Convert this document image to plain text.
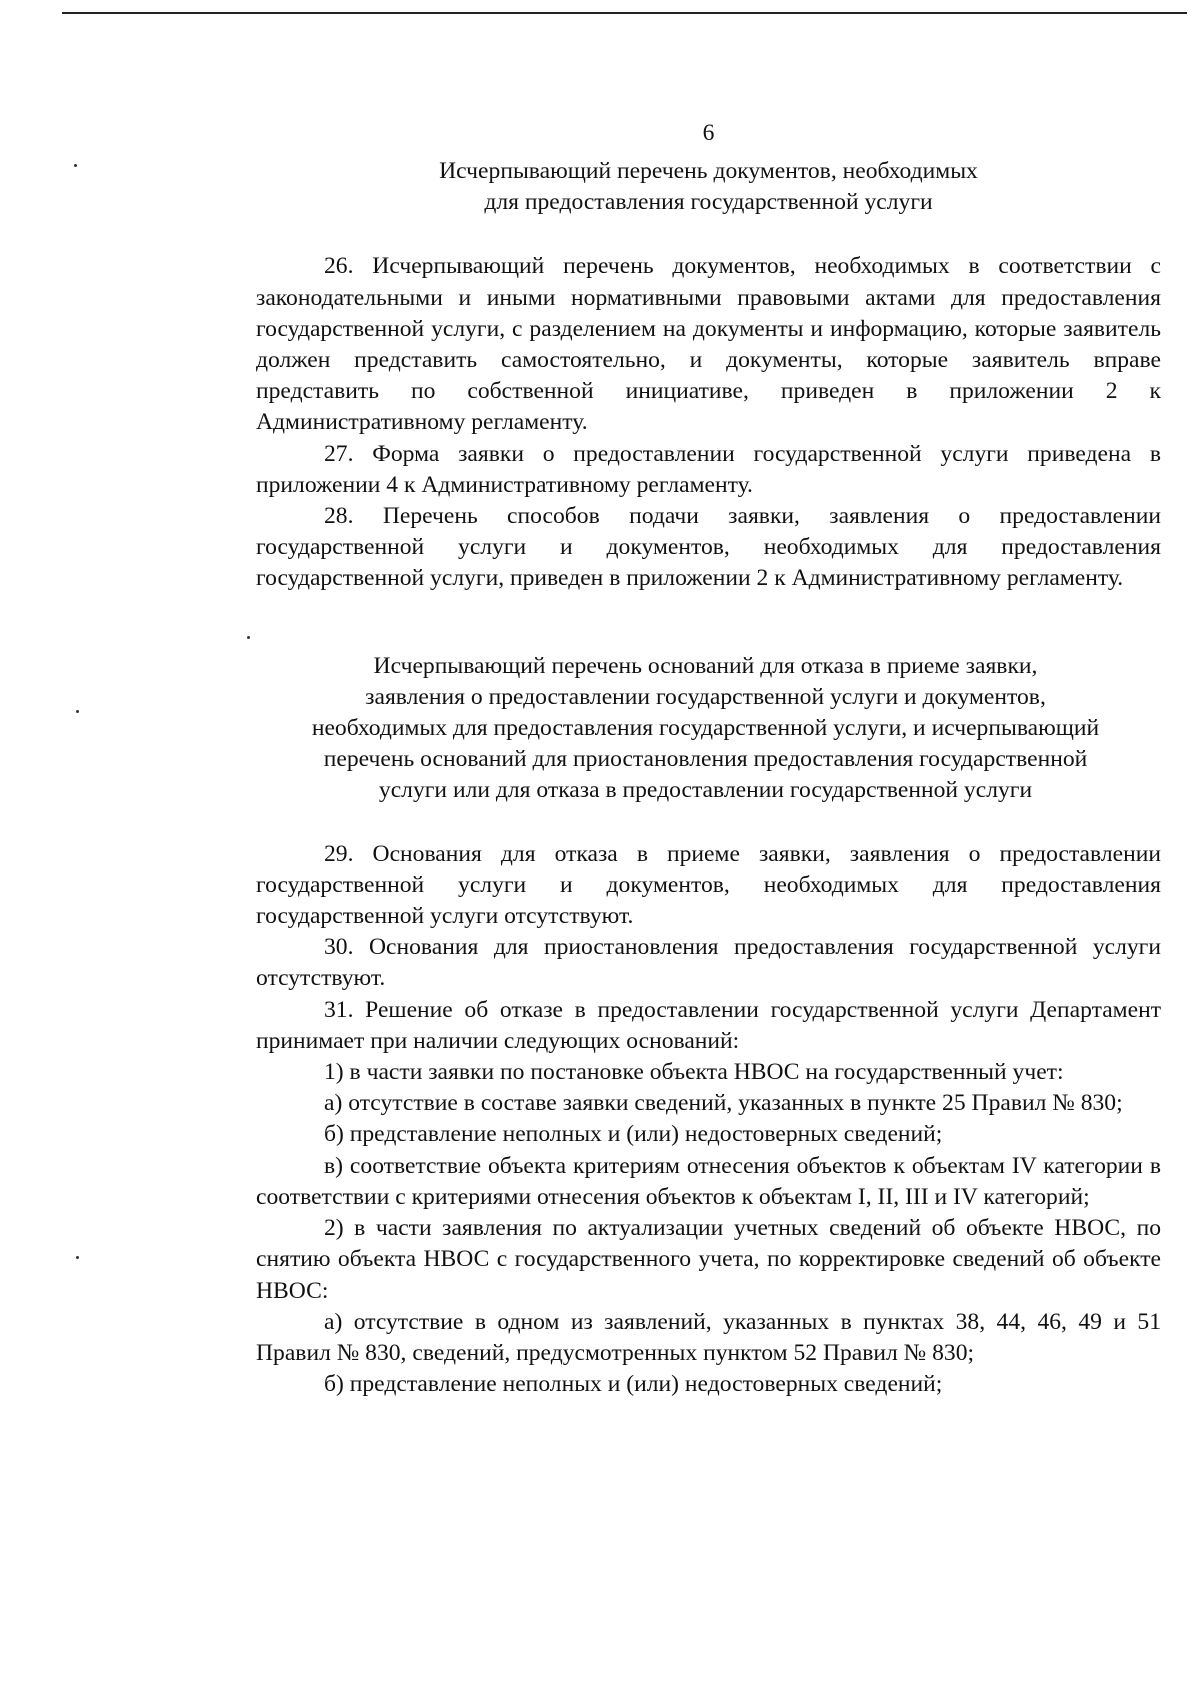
6
Исчерпывающий перечень документов, необходимых
для предоставления государственной услуги

26. Исчерпывающий перечень документов, необходимых в соответствии с законодательными и иными нормативными правовыми актами для предоставления государственной услуги, с разделением на документы и информацию, которые заявитель должен представить самостоятельно, и документы, которые заявитель вправе представить по собственной инициативе, приведен в приложении 2 к Административному регламенту.

27. Форма заявки о предоставлении государственной услуги приведена в приложении 4 к Административному регламенту.

28. Перечень способов подачи заявки, заявления о предоставлении государственной услуги и документов, необходимых для предоставления государственной услуги, приведен в приложении 2 к Административному регламенту.

Исчерпывающий перечень оснований для отказа в приеме заявки,
заявления о предоставлении государственной услуги и документов,
необходимых для предоставления государственной услуги, и исчерпывающий
перечень оснований для приостановления предоставления государственной
услуги или для отказа в предоставлении государственной услуги

29. Основания для отказа в приеме заявки, заявления о предоставлении государственной услуги и документов, необходимых для предоставления государственной услуги отсутствуют.

30. Основания для приостановления предоставления государственной услуги отсутствуют.

31. Решение об отказе в предоставлении государственной услуги Департамент принимает при наличии следующих оснований:

1) в части заявки по постановке объекта НВОС на государственный учет:

а) отсутствие в составе заявки сведений, указанных в пункте 25 Правил № 830;

б) представление неполных и (или) недостоверных сведений;

в) соответствие объекта критериям отнесения объектов к объектам IV категории в соответствии с критериями отнесения объектов к объектам I, II, III и IV категорий;

2) в части заявления по актуализации учетных сведений об объекте НВОС, по снятию объекта НВОС с государственного учета, по корректировке сведений об объекте НВОС:

а) отсутствие в одном из заявлений, указанных в пунктах 38, 44, 46, 49 и 51 Правил № 830, сведений, предусмотренных пунктом 52 Правил № 830;

б) представление неполных и (или) недостоверных сведений;
